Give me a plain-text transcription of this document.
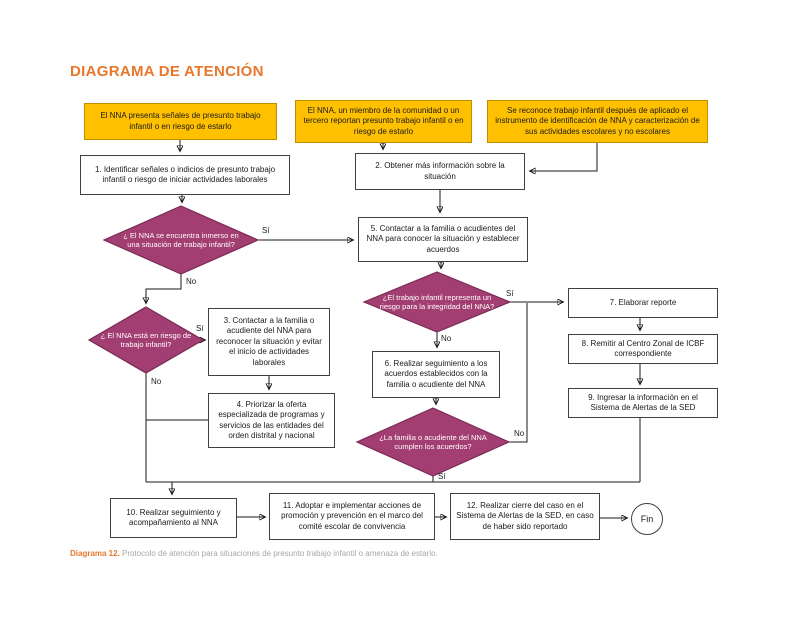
DIAGRAMA DE ATENCIÓN
El NNA presenta señales de presunto trabajo infantil o en riesgo de estarlo
El NNA, un miembro de la comunidad o un tercero reportan presunto trabajo infantil o en riesgo de estarlo
Se reconoce trabajo infantil después de aplicado el instrumento de identificación de NNA y caracterización de sus actividades escolares y no escolares
1. Identificar señales o indicios de presunto trabajo infantil o riesgo de iniciar actividades laborales
2. Obtener más información sobre la situación
5. Contactar a la familia o acudientes del NNA para conocer la situación y establecer acuerdos
3. Contactar a la familia o acudiente del NNA para reconocer la situación y evitar el inicio de actividades laborales
4. Priorizar la oferta especializada de programas y servicios de las entidades del orden distrital y nacional
6. Realizar seguimiento a los acuerdos establecidos con la familia o acudiente del NNA
7. Elaborar reporte
8. Remitir al Centro Zonal de ICBF correspondiente
9. Ingresar la información en el Sistema de Alertas de la SED
10. Realizar seguimiento y acompañamiento al NNA
11. Adoptar e implementar acciones de promoción y prevención en el marco del comité escolar de convivencia
12. Realizar cierre del caso en el Sistema de Alertas de la SED, en caso de haber sido reportado
¿ El NNA se encuentra inmerso en una situación de trabajo infantil?
¿ El NNA está en riesgo de trabajo infantil?
¿El trabajo infantil representa un riesgo para la integridad del NNA?
¿La familia o acudiente del NNA cumplen los acuerdos?
Sí
No
Sí
No
Sí
No
No
Sí
Fin
Diagrama 12. Protocolo de atención para situaciones de presunto trabajo infantil o amenaza de estarlo.
